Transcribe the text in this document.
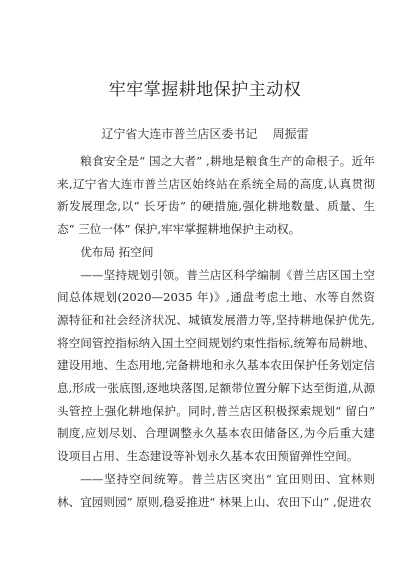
牢牢掌握耕地保护主动权
辽宁省大连市普兰店区委书记    周振雷

粮食安全是“ 国之大者” ,耕地是粮食生产的命根子。近年来,辽宁省大连市普兰店区始终站在系统全局的高度,认真贯彻新发展理念,以“ 长牙齿” 的硬措施,强化耕地数量、质量、生态“ 三位一体” 保护,牢牢掌握耕地保护主动权。

优布局 拓空间

——坚持规划引领。普兰店区科学编制《普兰店区国土空间总体规划(2020—2035 年)》,通盘考虑土地、水等自然资源特征和社会经济状况、城镇发展潜力等,坚持耕地保护优先,将空间管控指标纳入国土空间规划约束性指标,统筹布局耕地、建设用地、生态用地,完备耕地和永久基本农田保护任务划定信息,形成一张底图,逐地块落图,足额带位置分解下达至街道,从源头管控上强化耕地保护。同时,普兰店区积极探索规划“ 留白” 制度,应划尽划、合理调整永久基本农田储备区,为今后重大建设项目占用、生态建设等补划永久基本农田预留弹性空间。

——坚持空间统筹。普兰店区突出“ 宜田则田、宜林则林、宜园则园” 原则,稳妥推进“ 林果上山、农田下山” ,促进农
